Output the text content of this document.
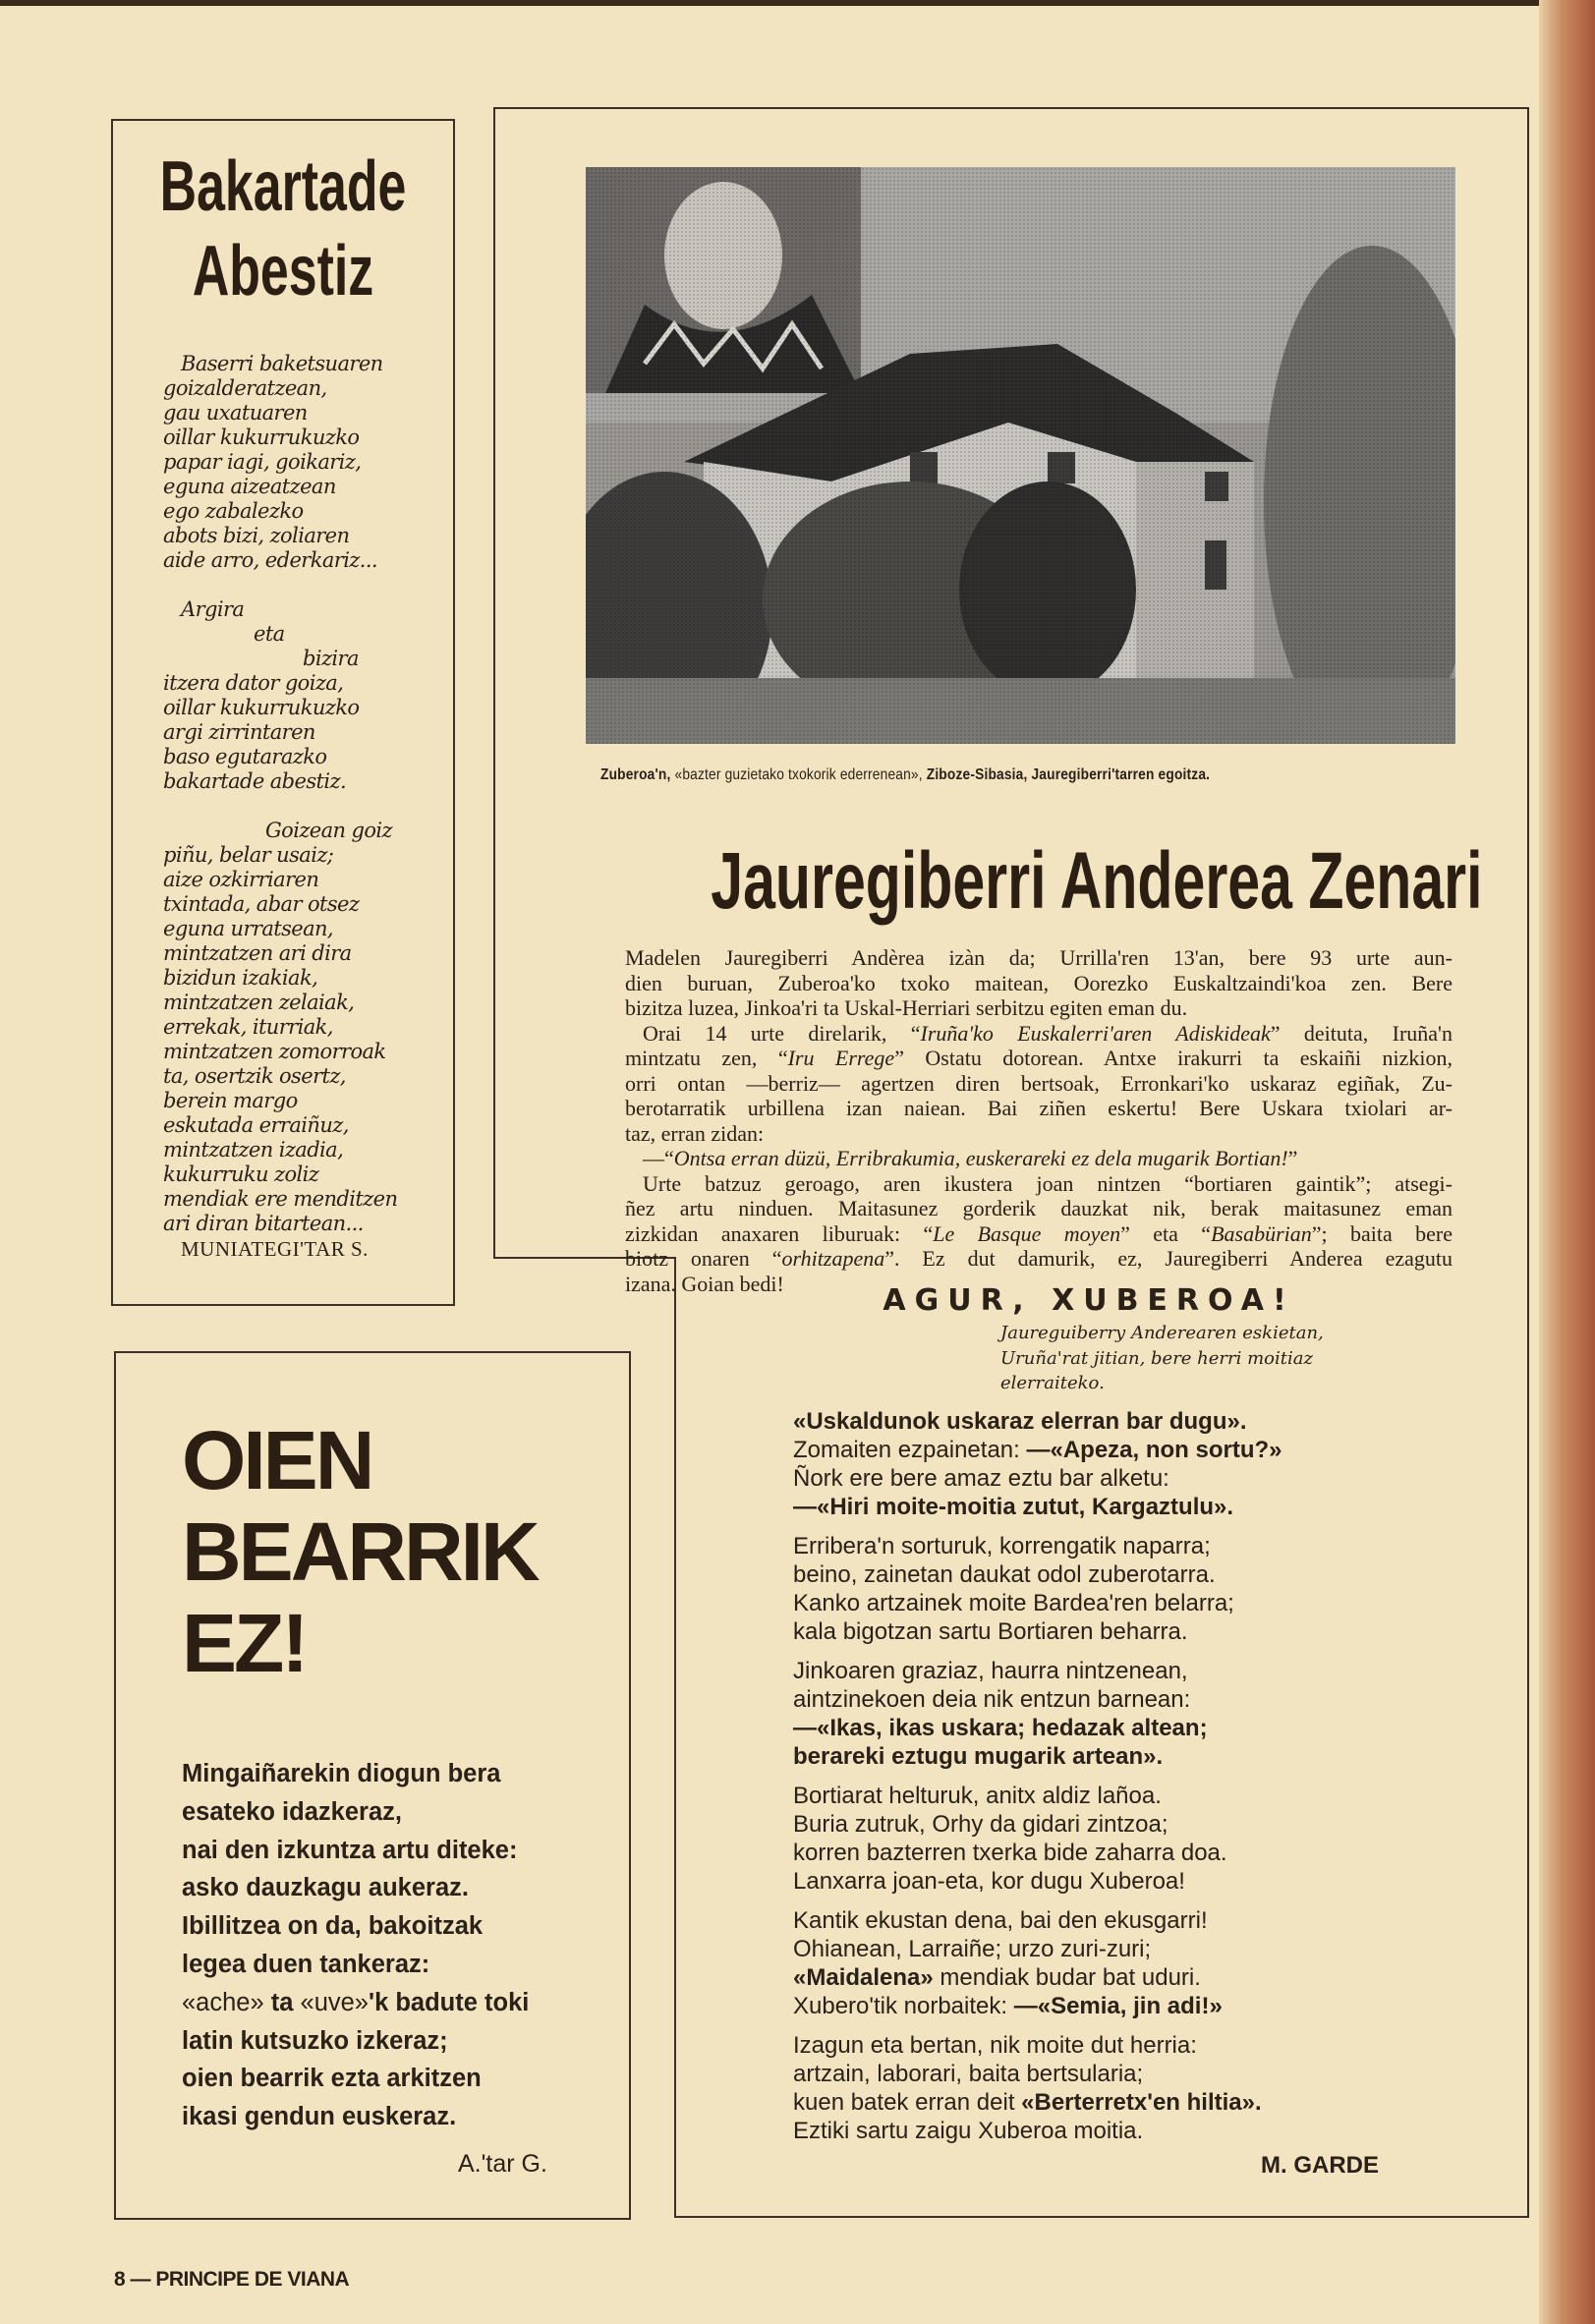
Bakartade
Abestiz
Baserri baketsuaren
goizalderatzean,
gau uxatuaren
oillar kukurrukuzko
papar iagi, goikariz,
eguna aizeatzean
ego zabalezko
abots bizi, zoliaren
aide arro, ederkariz...
Argira
eta
bizira
itzera dator goiza,
oillar kukurrukuzko
argi zirrintaren
baso egutarazko
bakartade abestiz.
Goizean goiz
piñu, belar usaiz;
aize ozkirriaren
txintada, abar otsez
eguna urratsean,
mintzatzen ari dira
bizidun izakiak,
mintzatzen zelaiak,
errekak, iturriak,
mintzatzen zomorroak
ta, osertzik osertz,
berein margo
eskutada erraiñuz,
mintzatzen izadia,
kukurruku zoliz
mendiak ere menditzen
ari diran bitartean...
MUNIATEGI'TAR S.
Zuberoa'n, «bazter guzietako txokorik ederrenean», Ziboze-Sibasia, Jauregiberri'tarren egoitza.
Jauregiberri Anderea Zenari
Madelen Jauregiberri Andèrea izàn da; Urrilla'ren 13'an, bere 93 urte aun-
dien buruan, Zuberoa'ko txoko maitean, Oorezko Euskaltzaindi'koa zen. Bere
bizitza luzea, Jinkoa'ri ta Uskal-Herriari serbitzu egiten eman du.
Orai 14 urte direlarik, “Iruña'ko Euskalerri'aren Adiskideak” deituta, Iruña'n
mintzatu zen, “Iru Errege” Ostatu dotorean. Antxe irakurri ta eskaiñi nizkion,
orri ontan —berriz— agertzen diren bertsoak, Erronkari'ko uskaraz egiñak, Zu-
berotarratik urbillena izan naiean. Bai ziñen eskertu! Bere Uskara txiolari ar-
taz, erran zidan:
—“Ontsa erran düzü, Erribrakumia, euskerareki ez dela mugarik Bortian!”
Urte batzuz geroago, aren ikustera joan nintzen “bortiaren gaintik”; atsegi-
ñez artu ninduen. Maitasunez gorderik dauzkat nik, berak maitasunez eman
zizkidan anaxaren liburuak: “Le Basque moyen” eta “Basabürian”; baita bere
biotz onaren “orhitzapena”. Ez dut damurik, ez, Jauregiberri Anderea ezagutu
izana. Goian bedi!	AGUR, XUBEROA!
Jaureguiberry Anderearen eskietan,
Uruña'rat jitian, bere herri moitiaz
elerraiteko.
«Uskaldunok uskaraz elerran bar dugu».
Zomaiten ezpainetan: —«Apeza, non sortu?»
Ñork ere bere amaz eztu bar alketu:
—«Hiri moite-moitia zutut, Kargaztulu».
Erribera'n sorturuk, korrengatik naparra;
beino, zainetan daukat odol zuberotarra.
Kanko artzainek moite Bardea'ren belarra;
kala bigotzan sartu Bortiaren beharra.
Jinkoaren graziaz, haurra nintzenean,
aintzinekoen deia nik entzun barnean:
—«Ikas, ikas uskara; hedazak altean;
berareki eztugu mugarik artean».
Bortiarat helturuk, anitx aldiz lañoa.
Buria zutruk, Orhy da gidari zintzoa;
korren bazterren txerka bide zaharra doa.
Lanxarra joan-eta, kor dugu Xuberoa!
Kantik ekustan dena, bai den ekusgarri!
Ohianean, Larraiñe; urzo zuri-zuri;
«Maidalena» mendiak budar bat uduri.
Xubero'tik norbaitek: —«Semia, jin adi!»
Izagun eta bertan, nik moite dut herria:
artzain, laborari, baita bertsularia;
kuen batek erran deit «Berterretx'en hiltia».
Eztiki sartu zaigu Xuberoa moitia.
M. GARDE
OIEN
BEARRIK
EZ!
Mingaiñarekin diogun bera
esateko idazkeraz,
nai den izkuntza artu diteke:
asko dauzkagu aukeraz.
Ibillitzea on da, bakoitzak
legea duen tankeraz:
«ache» ta «uve»'k badute toki
latin kutsuzko izkeraz;
oien bearrik ezta arkitzen
ikasi gendun euskeraz.
A.'tar G.
8 — PRINCIPE DE VIANA
